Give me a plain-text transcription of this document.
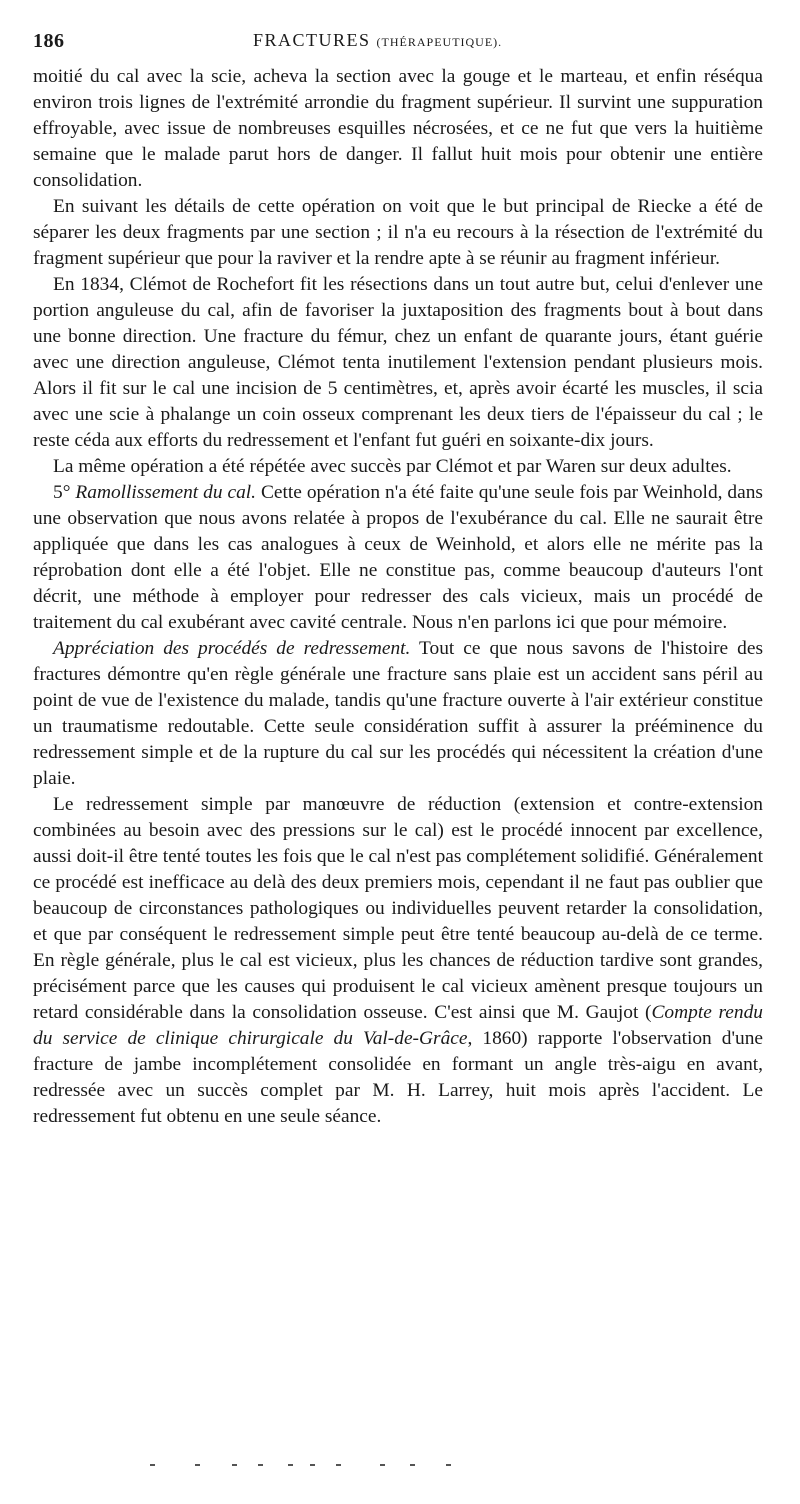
186	FRACTURES (THÉRAPEUTIQUE).

moitié du cal avec la scie, acheva la section avec la gouge et le marteau, et enfin réséqua environ trois lignes de l'extrémité arrondie du fragment supérieur. Il survint une suppuration effroyable, avec issue de nombreuses esquilles nécrosées, et ce ne fut que vers la huitième semaine que le malade parut hors de danger. Il fallut huit mois pour obtenir une entière consolidation.

En suivant les détails de cette opération on voit que le but principal de Riecke a été de séparer les deux fragments par une section ; il n'a eu recours à la résection de l'extrémité du fragment supérieur que pour la raviver et la rendre apte à se réunir au fragment inférieur.

En 1834, Clémot de Rochefort fit les résections dans un tout autre but, celui d'enlever une portion anguleuse du cal, afin de favoriser la juxtaposition des fragments bout à bout dans une bonne direction. Une fracture du fémur, chez un enfant de quarante jours, étant guérie avec une direction anguleuse, Clémot tenta inutilement l'extension pendant plusieurs mois. Alors il fit sur le cal une incision de 5 centimètres, et, après avoir écarté les muscles, il scia avec une scie à phalange un coin osseux comprenant les deux tiers de l'épaisseur du cal ; le reste céda aux efforts du redressement et l'enfant fut guéri en soixante-dix jours.

La même opération a été répétée avec succès par Clémot et par Waren sur deux adultes.

5° Ramollissement du cal. Cette opération n'a été faite qu'une seule fois par Weinhold, dans une observation que nous avons relatée à propos de l'exubérance du cal. Elle ne saurait être appliquée que dans les cas analogues à ceux de Weinhold, et alors elle ne mérite pas la réprobation dont elle a été l'objet. Elle ne constitue pas, comme beaucoup d'auteurs l'ont décrit, une méthode à employer pour redresser des cals vicieux, mais un procédé de traitement du cal exubérant avec cavité centrale. Nous n'en parlons ici que pour mémoire.

Appréciation des procédés de redressement. Tout ce que nous savons de l'histoire des fractures démontre qu'en règle générale une fracture sans plaie est un accident sans péril au point de vue de l'existence du malade, tandis qu'une fracture ouverte à l'air extérieur constitue un traumatisme redoutable. Cette seule considération suffit à assurer la prééminence du redressement simple et de la rupture du cal sur les procédés qui nécessitent la création d'une plaie.

Le redressement simple par manœuvre de réduction (extension et contre-extension combinées au besoin avec des pressions sur le cal) est le procédé innocent par excellence, aussi doit-il être tenté toutes les fois que le cal n'est pas complétement solidifié. Généralement ce procédé est inefficace au delà des deux premiers mois, cependant il ne faut pas oublier que beaucoup de circonstances pathologiques ou individuelles peuvent retarder la consolidation, et que par conséquent le redressement simple peut être tenté beaucoup au-delà de ce terme. En règle générale, plus le cal est vicieux, plus les chances de réduction tardive sont grandes, précisément parce que les causes qui produisent le cal vicieux amènent presque toujours un retard considérable dans la consolidation osseuse. C'est ainsi que M. Gaujot (Compte rendu du service de clinique chirurgicale du Val-de-Grâce, 1860) rapporte l'observation d'une fracture de jambe incomplétement consolidée en formant un angle très-aigu en avant, redressée avec un succès complet par M. H. Larrey, huit mois après l'accident. Le redressement fut obtenu en une seule séance.
